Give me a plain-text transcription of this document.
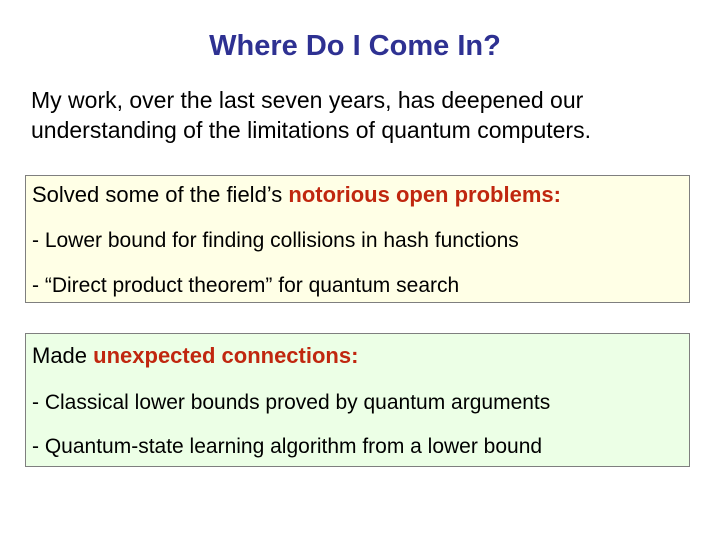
Where Do I Come In?
My work, over the last seven years, has deepened our
understanding of the limitations of quantum computers.
Solved some of the field’s notorious open problems:
- Lower bound for finding collisions in hash functions
- “Direct product theorem” for quantum search
Made unexpected connections:
- Classical lower bounds proved by quantum arguments
- Quantum-state learning algorithm from a lower bound
